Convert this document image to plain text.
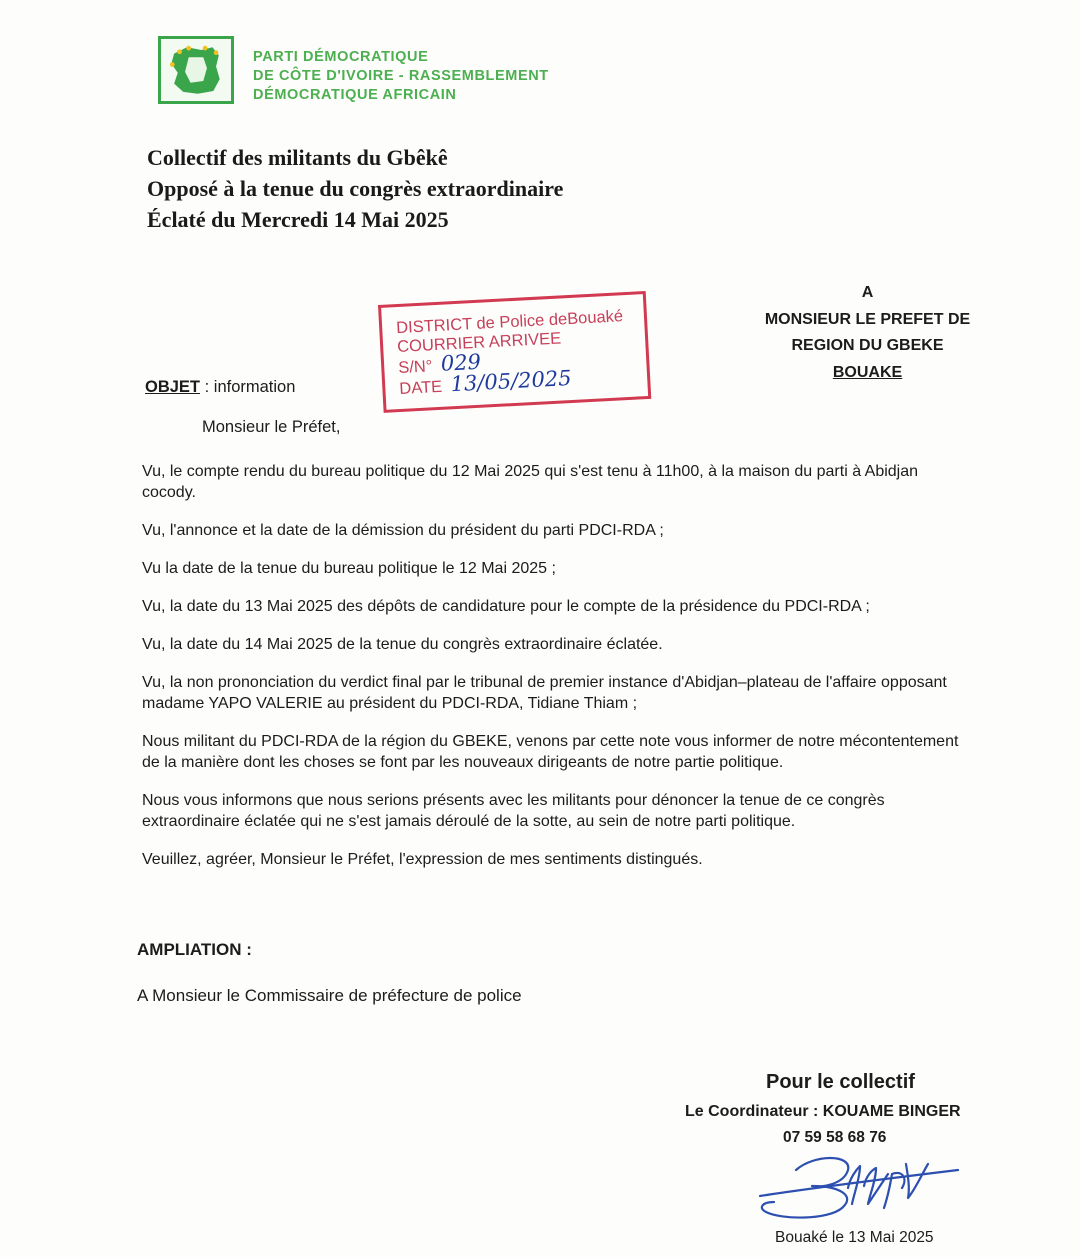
PARTI DÉMOCRATIQUE
DE CÔTE D'IVOIRE - RASSEMBLEMENT
DÉMOCRATIQUE AFRICAIN
Collectif des militants du Gbêkê
Opposé à la tenue du congrès extraordinaire
Éclaté du Mercredi 14 Mai 2025
A
MONSIEUR LE PREFET DE
REGION DU GBEKE
BOUAKE
DISTRICT de Police deBouaké
COURRIER ARRIVEE
S/N° 029
DATE 13/05/2025
OBJET : information
Monsieur le Préfet,

Vu, le compte rendu du bureau politique du 12 Mai 2025 qui s'est tenu à 11h00, à la maison du parti à Abidjan cocody.

Vu, l'annonce et la date de la démission du président du parti PDCI-RDA ;

Vu la date de la tenue du bureau politique le 12 Mai 2025 ;

Vu, la date du 13 Mai 2025 des dépôts de candidature pour le compte de la présidence du PDCI-RDA ;

Vu, la date du 14 Mai 2025 de la tenue du congrès extraordinaire éclatée.

Vu, la non prononciation du verdict final par le tribunal de premier instance d'Abidjan–plateau de l'affaire opposant madame YAPO VALERIE au président du PDCI-RDA, Tidiane Thiam ;

Nous militant du PDCI-RDA de la région du GBEKE, venons par cette note vous informer de notre mécontentement de la manière dont les choses se font par les nouveaux dirigeants de notre partie politique.

Nous vous informons que nous serions présents avec les militants pour dénoncer la tenue de ce congrès extraordinaire éclatée qui ne s'est jamais déroulé de la sotte, au sein de notre parti politique.

Veuillez, agréer, Monsieur le Préfet, l'expression de mes sentiments distingués.

AMPLIATION :
A Monsieur le Commissaire de préfecture de police
Pour le collectif
Le Coordinateur : KOUAME BINGER
07 59 58 68 76
Bouaké le 13 Mai 2025
